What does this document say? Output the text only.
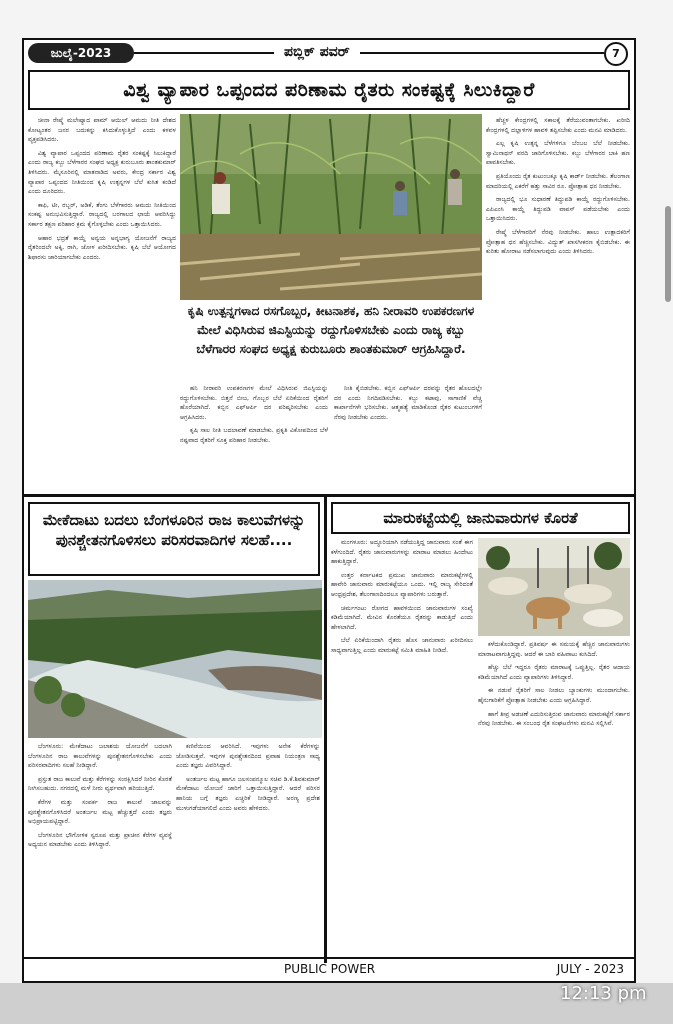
ಜುಲೈ-2023	ಪಬ್ಲಿಕ್ ಪವರ್	7
ವಿಶ್ವ ವ್ಯಾಪಾರ ಒಪ್ಪಂದದ ಪರಿಣಾಮ ರೈತರು ಸಂಕಷ್ಟಕ್ಕೆ ಸಿಲುಕಿದ್ದಾರೆ

ಚೀನಾ ರೇಷ್ಮೆ ಮಲೇಷ್ಯಾದ ಪಾಮ್ ಆಯಿಲ್ ಆಮದು ನೀತಿ ದೇಶದ ಕೋಟ್ಯಂತರ ಜನರ ಬದುಕನ್ನು ಕಸಿದುಕೊಳ್ಳುತ್ತಿದೆ ಎಂದು ಕಳವಳ ವ್ಯಕ್ತಪಡಿಸಿದರು.

ವಿಶ್ವ ವ್ಯಾಪಾರ ಒಪ್ಪಂದದ ಪರಿಣಾಮ ರೈತರ ಸಂಕಷ್ಟಕ್ಕೆ ಸಿಲುಕಿದ್ದಾರೆ ಎಂದು ರಾಜ್ಯ ಕಬ್ಬು ಬೆಳೆಗಾರರ ಸಂಘದ ಅಧ್ಯಕ್ಷ ಕುರುಬೂರು ಶಾಂತಕುಮಾರ್ ತಿಳಿಸಿದರು. ಮೈಸೂರಿನಲ್ಲಿ ಮಾತನಾಡಿದ ಅವರು, ಕೇಂದ್ರ ಸರ್ಕಾರ ವಿಶ್ವ ವ್ಯಾಪಾರ ಒಪ್ಪಂದದ ನೀತಿಯಿಂದ ಕೃಷಿ ಉತ್ಪನ್ನಗಳ ಬೆಲೆ ಕುಸಿತ ಕಂಡಿದೆ ಎಂದು ದೂರಿದರು.

ಕಾಫಿ, ಟೀ, ರಬ್ಬರ್, ಅಡಿಕೆ, ತೆಂಗು ಬೆಳೆಗಾರರು ಆಮದು ನೀತಿಯಿಂದ ಸಂಕಷ್ಟ ಅನುಭವಿಸುತ್ತಿದ್ದಾರೆ. ರಾಜ್ಯದಲ್ಲಿ ಬರಗಾಲದ ಛಾಯೆ ಆವರಿಸಿದ್ದು ಸರ್ಕಾರ ತಕ್ಷಣ ಪರಿಹಾರ ಕ್ರಮ ಕೈಗೊಳ್ಳಬೇಕು ಎಂದು ಒತ್ತಾಯಿಸಿದರು.

ಆಹಾರ ಭದ್ರತೆ ಕಾಯ್ದೆ ಅನ್ವಯ ಅನ್ನಭಾಗ್ಯ ಯೋಜನೆಗೆ ರಾಜ್ಯದ ರೈತರಿಂದಲೇ ಅಕ್ಕಿ, ರಾಗಿ, ಜೋಳ ಖರೀದಿಸಬೇಕು. ಕೃಷಿ ಬೆಲೆ ಆಯೋಗದ ಶಿಫಾರಸು ಜಾರಿಯಾಗಬೇಕು ಎಂದರು.

ಕೃಷಿ ಉತ್ಪನ್ನಗಳಾದ ರಸಗೊಬ್ಬರ, ಕೀಟನಾಶಕ, ಹನಿ ನೀರಾವರಿ ಉಪಕರಣಗಳ ಮೇಲೆ ವಿಧಿಸಿರುವ ಜಿಎಸ್ಟಿಯನ್ನು ರದ್ದುಗೊಳಿಸಬೇಕು ಎಂದು ರಾಜ್ಯ ಕಬ್ಬು ಬೆಳೆಗಾರರ ಸಂಘದ ಅಧ್ಯಕ್ಷ ಕುರುಬೂರು ಶಾಂತಕುಮಾರ್ ಆಗ್ರಹಿಸಿದ್ದಾರೆ.

ಹನಿ ನೀರಾವರಿ ಉಪಕರಣಗಳ ಮೇಲೆ ವಿಧಿಸಿರುವ ಜಿಎಸ್ಟಿಯನ್ನು ರದ್ದುಗೊಳಿಸಬೇಕು. ಬಿತ್ತನೆ ಬೀಜ, ಗೊಬ್ಬರ ಬೆಲೆ ಏರಿಕೆಯಿಂದ ರೈತರಿಗೆ ಹೊರೆಯಾಗಿದೆ. ಕಬ್ಬಿನ ಎಫ್ಆರ್ಪಿ ದರ ಪರಿಷ್ಕರಿಸಬೇಕು ಎಂದು ಆಗ್ರಹಿಸಿದರು.

ಕೃಷಿ ಸಾಲ ನೀತಿ ಬದಲಾವಣೆ ಮಾಡಬೇಕು. ಪ್ರಕೃತಿ ವಿಕೋಪದಿಂದ ಬೆಳೆ ನಷ್ಟವಾದ ರೈತರಿಗೆ ಸೂಕ್ತ ಪರಿಹಾರ ನೀಡಬೇಕು.

ನೀತಿ ಕೈಬಿಡಬೇಕು. ಕಬ್ಬಿನ ಎಫ್ಆರ್ಪಿ ದರವನ್ನು ರೈತರ ಹೊಲದಲ್ಲೇ ದರ ಎಂದು ನಿಗದಿಪಡಿಸಬೇಕು. ಕಬ್ಬು ಕಟಾವು, ಸಾಗಾಣಿಕೆ ವೆಚ್ಚ ಕಾರ್ಖಾನೆಗಳೇ ಭರಿಸಬೇಕು. ಆತ್ಮಹತ್ಯೆ ಮಾಡಿಕೊಂಡ ರೈತರ ಕುಟುಂಬಗಳಿಗೆ ನೆರವು ನೀಡಬೇಕು ಎಂದರು.

ಹೆಚ್ಚಳ ಕೇಂದ್ರಗಳಲ್ಲಿ ಸಕಾಲಕ್ಕೆ ತೆರೆಯುವಂತಾಗಬೇಕು. ಖರೀದಿ ಕೇಂದ್ರಗಳಲ್ಲಿ ದಲ್ಲಾಳಿಗಳ ಹಾವಳಿ ತಪ್ಪಿಸಬೇಕು ಎಂದು ಮನವಿ ಮಾಡಿದರು.

ಎಲ್ಲ ಕೃಷಿ ಉತ್ಪನ್ನ ಬೆಳೆಗಳಿಗೂ ಬೆಂಬಲ ಬೆಲೆ ನೀಡಬೇಕು. ಸ್ವಾಮಿನಾಥನ್ ವರದಿ ಜಾರಿಗೊಳಿಸಬೇಕು. ಕಬ್ಬು ಬೆಳೆಗಾರರ ಬಾಕಿ ಹಣ ಪಾವತಿಸಬೇಕು.

ಪ್ರತಿಯೊಂದು ರೈತ ಕುಟುಂಬಕ್ಕೂ ಕೃಷಿ ಕಾರ್ಡ್ ನೀಡಬೇಕು. ತೆಲಂಗಾಣ ಮಾದರಿಯಲ್ಲಿ ಎಕರೆಗೆ ಹತ್ತು ಸಾವಿರ ರೂ. ಪ್ರೋತ್ಸಾಹ ಧನ ನೀಡಬೇಕು.

ರಾಜ್ಯದಲ್ಲಿ ಭೂ ಸುಧಾರಣೆ ತಿದ್ದುಪಡಿ ಕಾಯ್ದೆ ರದ್ದುಗೊಳಿಸಬೇಕು. ಎಪಿಎಂಸಿ ಕಾಯ್ದೆ ತಿದ್ದುಪಡಿ ವಾಪಸ್ ಪಡೆಯಬೇಕು ಎಂದು ಒತ್ತಾಯಿಸಿದರು.

ರೇಷ್ಮೆ ಬೆಳೆಗಾರರಿಗೆ ನೆರವು ನೀಡಬೇಕು. ಹಾಲು ಉತ್ಪಾದಕರಿಗೆ ಪ್ರೋತ್ಸಾಹ ಧನ ಹೆಚ್ಚಿಸಬೇಕು. ವಿದ್ಯುತ್ ಖಾಸಗೀಕರಣ ಕೈಬಿಡಬೇಕು. ಈ ಕುರಿತು ಹೋರಾಟ ನಡೆಸಲಾಗುವುದು ಎಂದು ತಿಳಿಸಿದರು.

ಮೇಕೆದಾಟು ಬದಲು ಬೆಂಗಳೂರಿನ ರಾಜ ಕಾಲುವೆಗಳನ್ನು ಪುನಶ್ಚೇತನಗೊಳಿಸಲು ಪರಿಸರವಾದಿಗಳ ಸಲಹೆ....

ಬೆಂಗಳೂರು: ಮೇಕೆದಾಟು ಜಲಾಶಯ ಯೋಜನೆಗೆ ಬದಲಾಗಿ ಬೆಂಗಳೂರಿನ ರಾಜ ಕಾಲುವೆಗಳನ್ನು ಪುನಶ್ಚೇತನಗೊಳಿಸಬೇಕು ಎಂದು ಪರಿಸರವಾದಿಗಳು ಸಲಹೆ ನೀಡಿದ್ದಾರೆ.

ಪ್ರಸ್ತುತ ರಾಜ ಕಾಲುವೆ ಮತ್ತು ಕೆರೆಗಳನ್ನು ಸಂರಕ್ಷಿಸಿದರೆ ನೀರಿನ ಕೊರತೆ ನೀಗಿಸಬಹುದು. ನಗರದಲ್ಲಿ ಮಳೆ ನೀರು ವ್ಯರ್ಥವಾಗಿ ಹರಿಯುತ್ತಿದೆ.

ಕೆರೆಗಳ ಮತ್ತು ಸಂಪರ್ಕ ರಾಜ ಕಾಲುವೆ ಜಾಲವನ್ನು ಪುನಶ್ಚೇತನಗೊಳಿಸಿದರೆ ಅಂತರ್ಜಲ ಮಟ್ಟ ಹೆಚ್ಚುತ್ತದೆ ಎಂದು ತಜ್ಞರು ಅಭಿಪ್ರಾಯಪಟ್ಟಿದ್ದಾರೆ.

ಬೆಂಗಳೂರಿನ ಭೌಗೋಳಿಕ ಸ್ವರೂಪ ಮತ್ತು ಪ್ರಾಚೀನ ಕೆರೆಗಳ ವ್ಯವಸ್ಥೆ ಅಧ್ಯಯನ ಮಾಡಬೇಕು ಎಂದು ತಿಳಿಸಿದ್ದಾರೆ.

ಕಣಿವೆಯಿಂದ ಆವರಿಸಿದೆ. ಇವುಗಳು ಅನೇಕ ಕೆರೆಗಳನ್ನು ಜೋಡಿಸುತ್ತವೆ. ಇವುಗಳ ಪುನಶ್ಚೇತನದಿಂದ ಪ್ರವಾಹ ನಿಯಂತ್ರಣ ಸಾಧ್ಯ ಎಂದು ತಜ್ಞರು ವಿವರಿಸಿದ್ದಾರೆ.

ಅಂತರ್ಜಲ ಮಟ್ಟ ಹಾಗೂ ಜಲಸಂಪನ್ಮೂಲ ಸಚಿವ ಡಿ.ಕೆ.ಶಿವಕುಮಾರ್ ಮೇಕೆದಾಟು ಯೋಜನೆ ಜಾರಿಗೆ ಒತ್ತಾಯಿಸುತ್ತಿದ್ದಾರೆ. ಆದರೆ ಪರಿಸರ ಹಾನಿಯ ಬಗ್ಗೆ ತಜ್ಞರು ಎಚ್ಚರಿಕೆ ನೀಡಿದ್ದಾರೆ. ಅರಣ್ಯ ಪ್ರದೇಶ ಮುಳುಗಡೆಯಾಗಲಿದೆ ಎಂದು ಅವರು ಹೇಳಿದರು.

ಮಾರುಕಟ್ಟೆಯಲ್ಲಿ ಜಾನುವಾರುಗಳ ಕೊರತೆ

ಮಂಗಳೂರು: ಅದ್ಧೂರಿಯಾಗಿ ನಡೆಯುತ್ತಿದ್ದ ಜಾನುವಾರು ಸಂತೆ ಈಗ ಕಳೆಗುಂದಿದೆ. ರೈತರು ಜಾನುವಾರುಗಳನ್ನು ಮಾರಾಟ ಮಾಡಲು ಹಿಂದೇಟು ಹಾಕುತ್ತಿದ್ದಾರೆ.

ಉತ್ತರ ಕರ್ನಾಟಕದ ಪ್ರಮುಖ ಜಾನುವಾರು ಮಾರುಕಟ್ಟೆಗಳಲ್ಲಿ ಹಾವೇರಿ ಜಾನುವಾರು ಮಾರುಕಟ್ಟೆಯೂ ಒಂದು. ಇಲ್ಲಿ ರಾಜ್ಯ ಸೇರಿದಂತೆ ಆಂಧ್ರಪ್ರದೇಶ, ತೆಲಂಗಾಣದಿಂದಲೂ ವ್ಯಾಪಾರಿಗಳು ಬರುತ್ತಾರೆ.

ಚರ್ಮಗಂಟು ರೋಗದ ಹಾವಳಿಯಿಂದ ಜಾನುವಾರುಗಳ ಸಂಖ್ಯೆ ಕಡಿಮೆಯಾಗಿದೆ. ಮೇವಿನ ಕೊರತೆಯೂ ರೈತರನ್ನು ಕಾಡುತ್ತಿದೆ ಎಂದು ಹೇಳಲಾಗಿದೆ.

ಬೆಲೆ ಏರಿಕೆಯಿಂದಾಗಿ ರೈತರು ಹೊಸ ಜಾನುವಾರು ಖರೀದಿಸಲು ಸಾಧ್ಯವಾಗುತ್ತಿಲ್ಲ ಎಂದು ಮಾರುಕಟ್ಟೆ ಸಮಿತಿ ಮಾಹಿತಿ ನೀಡಿದೆ.

ಕಳೆದುಕೊಂಡಿದ್ದಾರೆ. ಪ್ರತಿವರ್ಷ ಈ ಸಮಯಕ್ಕೆ ಹೆಚ್ಚಿನ ಜಾನುವಾರುಗಳು ಮಾರಾಟವಾಗುತ್ತಿದ್ದವು. ಆದರೆ ಈ ಬಾರಿ ವಹಿವಾಟು ಕುಸಿದಿದೆ.

ಹೆಚ್ಚು ಬೆಲೆ ಇದ್ದರೂ ರೈತರು ಮಾರಾಟಕ್ಕೆ ಒಪ್ಪುತ್ತಿಲ್ಲ. ರೈತರ ಆದಾಯ ಕಡಿಮೆಯಾಗಿದೆ ಎಂದು ವ್ಯಾಪಾರಿಗಳು ತಿಳಿಸಿದ್ದಾರೆ.

ಈ ನಡುವೆ ರೈತರಿಗೆ ಸಾಲ ನೀಡಲು ಬ್ಯಾಂಕುಗಳು ಮುಂದಾಗಬೇಕು. ಹೈನುಗಾರಿಕೆಗೆ ಪ್ರೋತ್ಸಾಹ ನೀಡಬೇಕು ಎಂದು ಆಗ್ರಹಿಸಿದ್ದಾರೆ.

ಹಾಗೆ ತೀವ್ರ ಅಡಚಣೆ ಎದುರಿಸುತ್ತಿರುವ ಜಾನುವಾರು ಮಾರುಕಟ್ಟೆಗೆ ಸರ್ಕಾರ ನೆರವು ನೀಡಬೇಕು. ಈ ಸಂಬಂಧ ರೈತ ಸಂಘಟನೆಗಳು ಮನವಿ ಸಲ್ಲಿಸಿವೆ.

PUBLIC POWER	JULY - 2023
12:13 pm
